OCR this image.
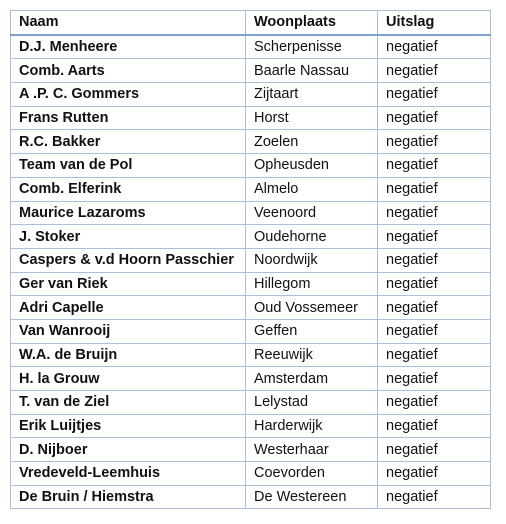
Naam	Woonplaats	Uitslag
D.J. Menheere	Scherpenisse	negatief
Comb. Aarts	Baarle Nassau	negatief
A .P. C. Gommers	Zijtaart	negatief
Frans Rutten	Horst	negatief
R.C. Bakker	Zoelen	negatief
Team van de Pol	Opheusden	negatief
Comb. Elferink	Almelo	negatief
Maurice Lazaroms	Veenoord	negatief
J. Stoker	Oudehorne	negatief
Caspers & v.d Hoorn Passchier	Noordwijk	negatief
Ger van Riek	Hillegom	negatief
Adri Capelle	Oud Vossemeer	negatief
Van Wanrooij	Geffen	negatief
W.A. de Bruijn	Reeuwijk	negatief
H. la Grouw	Amsterdam	negatief
T. van de Ziel	Lelystad	negatief
Erik Luijtjes	Harderwijk	negatief
D. Nijboer	Westerhaar	negatief
Vredeveld-Leemhuis	Coevorden	negatief
De Bruin / Hiemstra	De Westereen	negatief
